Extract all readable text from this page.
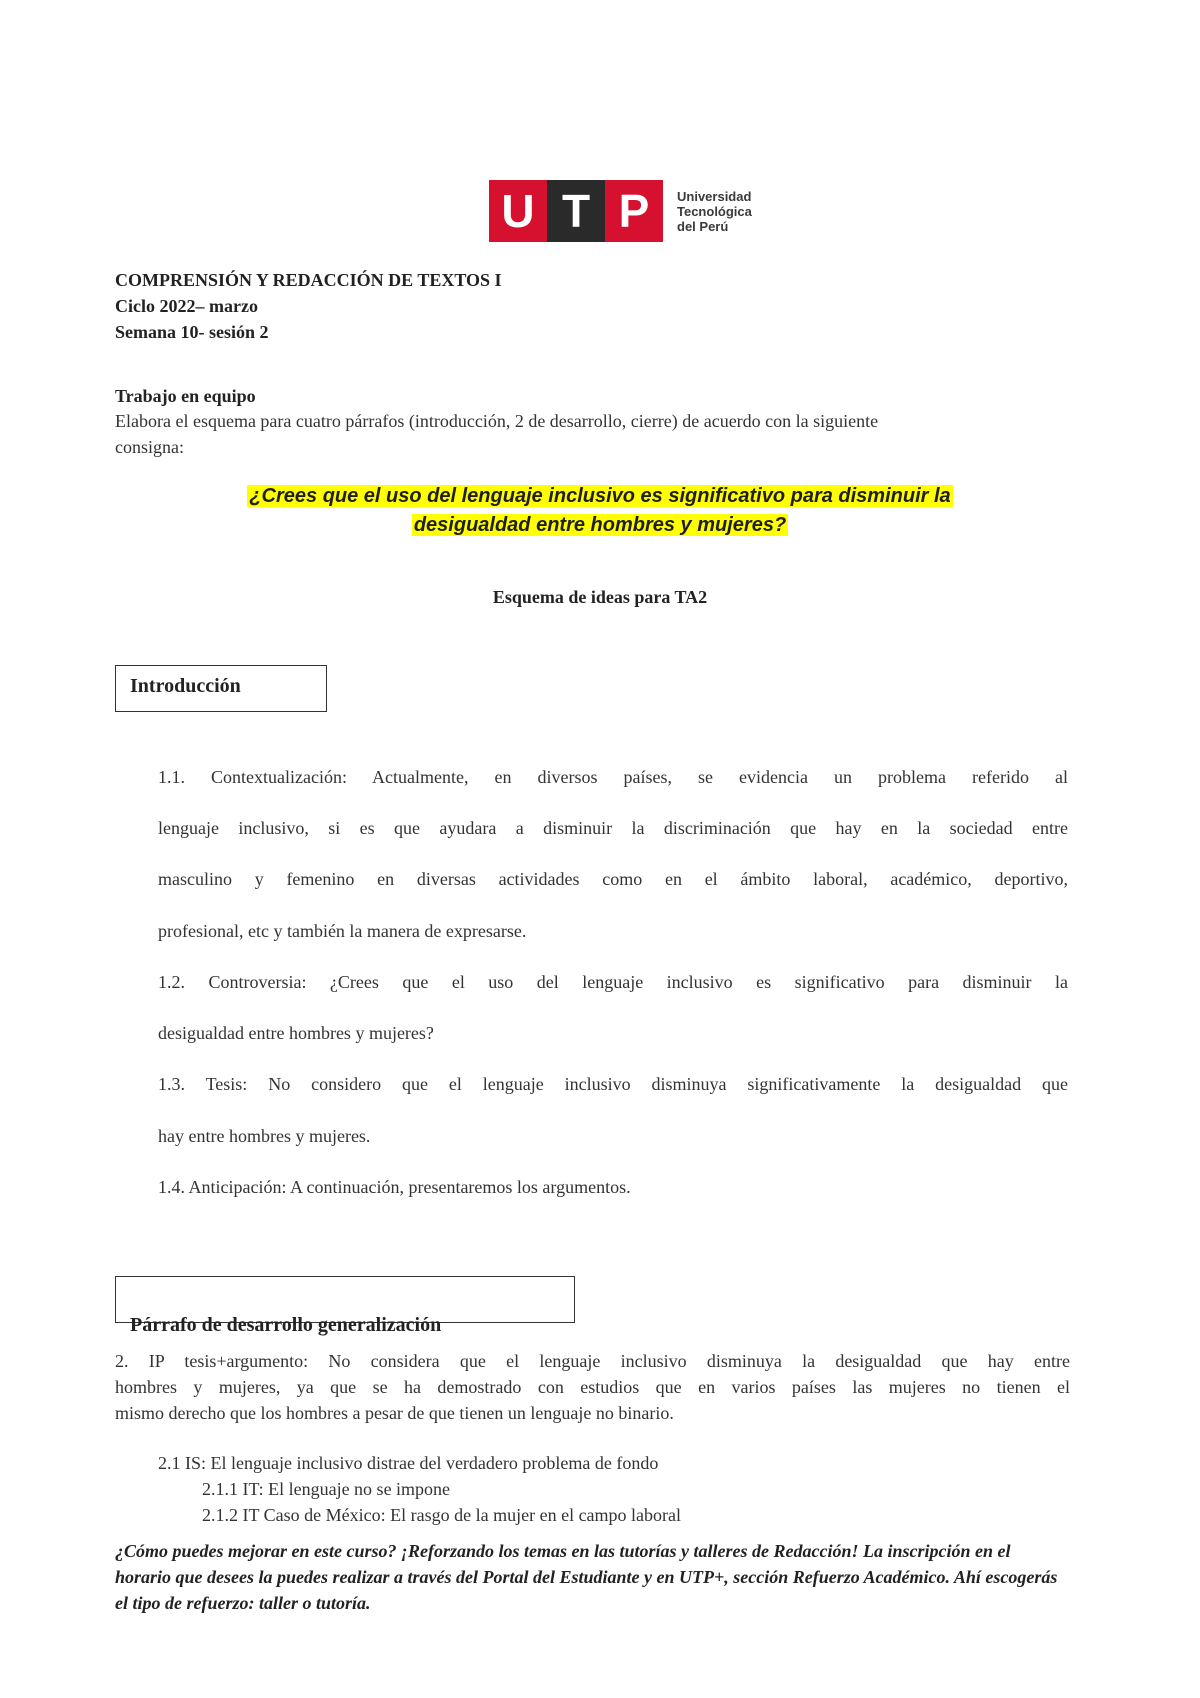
U T P	Universidad
Tecnológica
del Perú
COMPRENSIÓN Y REDACCIÓN DE TEXTOS I
Ciclo 2022– marzo
Semana 10- sesión 2
Trabajo en equipo
Elabora el esquema para cuatro párrafos (introducción, 2 de desarrollo, cierre) de acuerdo con la siguiente
consigna:
¿Crees que el uso del lenguaje inclusivo es significativo para disminuir la
desigualdad entre hombres y mujeres?
Esquema de ideas para TA2
Introducción
1.1. Contextualización: Actualmente, en diversos países, se evidencia un problema referido al
lenguaje inclusivo, si es que ayudara a disminuir la discriminación que hay en la sociedad entre
masculino y femenino en diversas actividades como en el ámbito laboral, académico, deportivo,
profesional, etc y también la manera de expresarse.
1.2. Controversia: ¿Crees que el uso del lenguaje inclusivo es significativo para disminuir la
desigualdad entre hombres y mujeres?
1.3. Tesis: No considero que el lenguaje inclusivo disminuya significativamente la desigualdad que
hay entre hombres y mujeres.
1.4. Anticipación: A continuación, presentaremos los argumentos.
Párrafo de desarrollo generalización
2. IP tesis+argumento: No considera que el lenguaje inclusivo disminuya la desigualdad que hay entre
hombres y mujeres, ya que se ha demostrado con estudios que en varios países las mujeres no tienen el
mismo derecho que los hombres a pesar de que tienen un lenguaje no binario.
2.1 IS: El lenguaje inclusivo distrae del verdadero problema de fondo
2.1.1 IT: El lenguaje no se impone
2.1.2 IT Caso de México: El rasgo de la mujer en el campo laboral
¿Cómo puedes mejorar en este curso? ¡Reforzando los temas en las tutorías y talleres de Redacción! La inscripción en el horario que desees la puedes realizar a través del Portal del Estudiante y en UTP+, sección Refuerzo Académico. Ahí escogerás el tipo de refuerzo: taller o tutoría.
